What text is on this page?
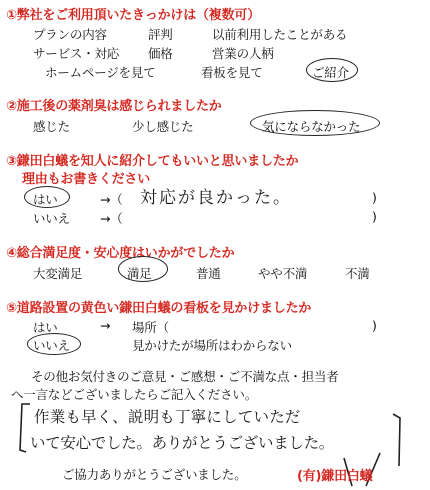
①弊社をご利用頂いたきっかけは（複数可）
プランの内容	評判	以前利用したことがある
サービス・対応 価格	営業の人柄
ホームページを見て	看板を見て	ご紹介
②施工後の薬剤臭は感じられましたか
感じた	少し感じた	気にならなかった
③鎌田白蟻を知人に紹介してもいいと思いましたか
理由もお書きください
はい	→（ 対応が良かった。	)
いいえ →（	)
④総合満足度・安心度はいかがでしたか
大変満足	満足	普通	やや不満	不満
⑤道路設置の黄色い鎌田白蟻の看板を見かけましたか
はい	→ 場所（	)
いいえ	見かけたが場所はわからない
その他お気付きのご意見・ご感想・ご不満な点・担当者
へ一言などございましたらご記入ください。
作業も早く、説明も丁寧にしていただ
いて安心でした。ありがとうございました。
ご協力ありがとうございました。	(有)鎌田白蟻
